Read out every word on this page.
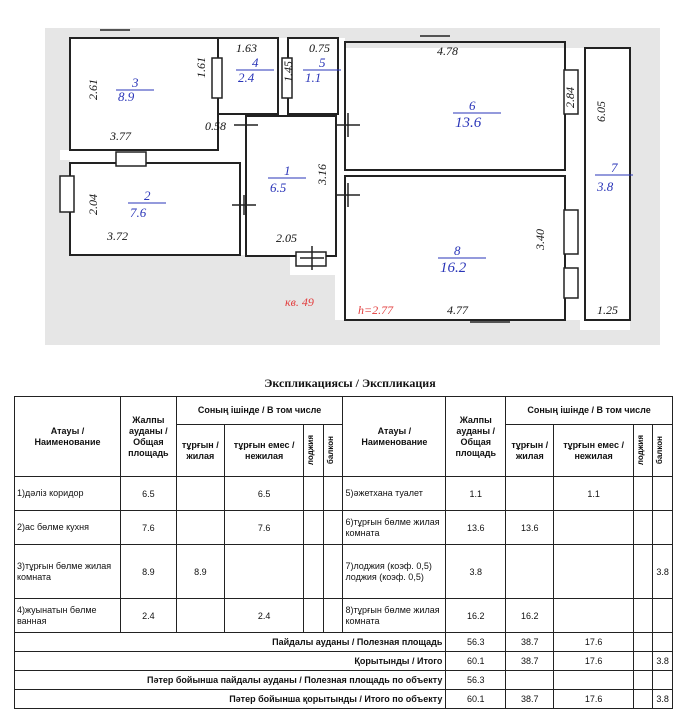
3
8.9
4
2.4
5
1.1
6
13.6
2
7.6
1
6.5
8
16.2
7
3.8
1.63	0.75	4.78
2.61
1.61	1.45
3.77
0.58
2.84
6.05
2.04
3.16
3.72	2.05	3.40
4.77	1.25
кв. 49
h=2.77
Экспликациясы / Экспликация
Атауы / Наименование	Жалпы ауданы / Общая площадь	Соның ішінде / В том числе				Атауы / Наименование	Жалпы ауданы / Общая площадь	Соның ішінде / В том числе			
		тұрғын / жилая	тұрғын емес / нежилая	лоджия	балкон			тұрғын / жилая	тұрғын емес / нежилая	лоджия	балкон

1)дәліз коридор	6.5		6.5			5)әжетхана туалет	1.1		1.1		
2)ас бөлме кухня	7.6		7.6			6)тұрғын бөлме жилая комната	13.6	13.6			
3)тұрғын бөлме жилая комната	8.9	8.9				7)лоджия (коэф. 0,5) лоджия (коэф. 0,5)	3.8				3.8
4)жуынатын бөлме ванная	2.4		2.4			8)тұрғын бөлме жилая комната	16.2	16.2			
Пайдалы ауданы / Полезная площадь							56.3	38.7	17.6		
Қорытынды / Итого							60.1	38.7	17.6		3.8
Пәтер бойынша пайдалы ауданы / Полезная площадь по объекту							56.3				
Пәтер бойынша қорытынды / Итого по объекту							60.1	38.7	17.6		3.8
